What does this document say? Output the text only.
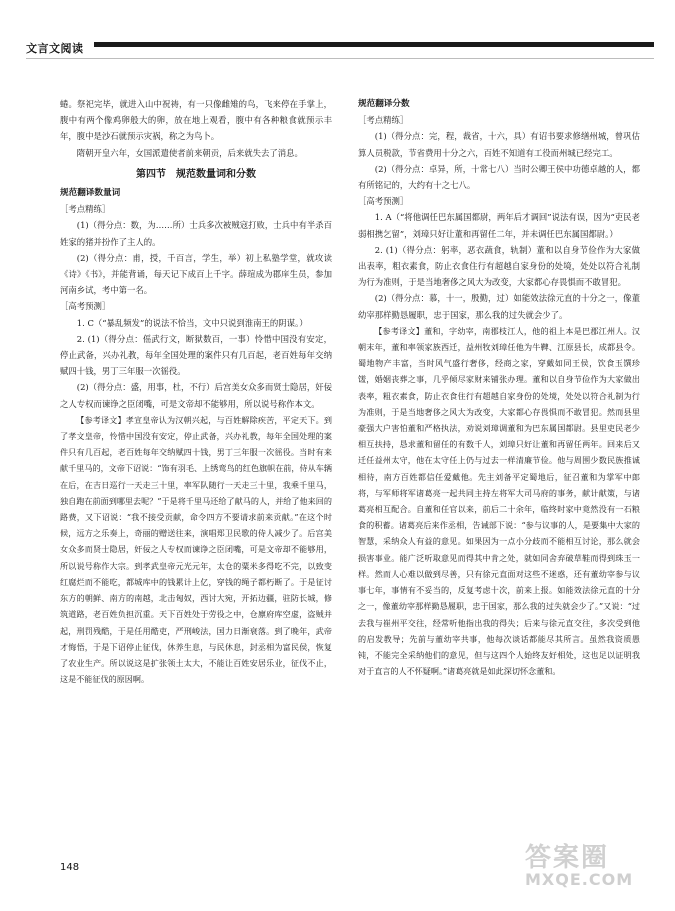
文言文阅读

蜷。祭祀完毕，就进入山中祝祷，有一只像雌雉的鸟，飞来停在手掌上，腹中有两个像鸡卵般大的卵，放在地上观看，腹中有各种粮食就预示丰年，腹中是沙石就预示灾祸，称之为鸟卜。

隋朝开皇六年，女国派遣使者前来朝贡，后来就失去了消息。

第四节　规范数量词和分数
规范翻译数量词

［考点精练］

(1)（得分点：数，为……所）士兵多次被贼寇打败，士兵中有半杀百姓家的猪并扮作了主人的。

(2)（得分点：甫，授，千百言，学生，举）初上私塾学堂，就攻读《诗》《书》，并能背诵，每天记下成百上千字。薛瑄成为郡庠生员，参加河南乡试，考中第一名。

［高考预测］

1. C（“暴乱频发”的说法不恰当，文中只说到淮南王的阴谋。）

2. (1)（得分点：傜武行文，断狱数百，一事）怜惜中国没有安定，停止武备，兴办礼教，每年全国处理的案件只有几百起，老百姓每年交纳赋四十钱，男丁三年服一次徭役。

(2)（得分点：盛，用事，杜，不行）后宫美女众多而贤士隐居，奸佞之人专权而谏诤之臣闭嘴，可是文帝却不能够用，所以说号称作本文。

【参考译文】孝宣皇帝认为汉朝兴起，与百姓解除疾苦，平定天下。到了孝文皇帝，怜惜中国没有安定，停止武备，兴办礼教，每年全国处理的案件只有几百起，老百姓每年交纳赋四十钱，男丁三年服一次徭役。当时有来献千里马的，文帝下诏说：“饰有羽毛、上绣鸾鸟的红色旗帜在前，侍从车辆在后，在吉日巡行一天走三十里，率军队随行一天走三十里，我乘千里马，独自跑在前面到哪里去呢？”于是将千里马还给了献马的人，并给了他来回的路费，又下诏说：“我不接受贡献，命令四方不要请求前来贡献。”在这个时候，远方之乐奏上，奇丽的赠送往来，演唱郑卫民歌的侍人减少了。后宫美女众多而贤士隐居，奸佞之人专权而谏诤之臣闭嘴，可是文帝却不能够用，所以说号称作大宗。到孝武皇帝元光元年，太仓的粟米多得吃不完，以致变红腐烂而不能吃，都城库中的钱累计上亿，穿钱的绳子都朽断了。于是征讨东方的朝鲜、南方的南越，北击匈奴，西讨大宛，开拓边疆，驻防长城，修筑道路，老百姓负担沉重。天下百姓处于劳役之中，仓廪府库空虚，盗贼并起，刑罚残酷，于是任用酷吏，严刑峻法，国力日渐衰落。到了晚年，武帝才悔悟，于是下诏停止征伐，休养生息，与民休息，封丞相为富民侯，恢复了农业生产。所以说这是扩张领土太大，不能让百姓安居乐业，征伐不止，这是不能征伐的原因啊。

规范翻译分数

［考点精练］

(1)（得分点：完，程，裁省，十六，具）有诏书要求修缮州城，曾巩估算人员税款，节省费用十分之六，百姓不知道有工役而州城已经完工。

(2)（得分点：卓异，所，十常七八）当时公卿王侯中功德卓越的人，都有所铭记的，大约有十之七八。

［高考预测］

1. A（“将他调任巴东属国都尉，两年后才调回”说法有误，因为“吏民老弱相携乞留”，刘璋只好让董和再留任二年，并未调任巴东属国都尉。）

2. (1)（得分点：躬率，恶衣蔬食，轨制）董和以自身节俭作为大家做出表率，粗衣素食，防止衣食住行有超越自家身份的处境，处处以符合礼制为行为准则，于是当地奢侈之风大为改变，大家都心存畏惧而不敢冒犯。

(2)（得分点：慕，十一，殷勤，过）如能效法徐元直的十分之一，像董幼宰那样勤恳履职，忠于国家，那么我的过失就会少了。

【参考译文】董和，字幼宰，南郡枝江人，他的祖上本是巴郡江州人。汉朝末年，董和率领家族西迁，益州牧刘璋任他为牛鞞、江原县长，成都县令。蜀地物产丰富，当时风气盛行奢侈，经商之家，穿戴如同王侯，饮食玉馔珍馐，婚姻丧葬之事，几乎倾尽家财来铺张办理。董和以自身节俭作为大家做出表率，粗衣素食，防止衣食住行有超越自家身份的处境，处处以符合礼制为行为准则，于是当地奢侈之风大为改变，大家都心存畏惧而不敢冒犯。然而县里豪强大户害怕董和严格执法，劝说刘璋调董和为巴东属国都尉。县里吏民老少相互扶持，恳求董和留任的有数千人，刘璋只好让董和再留任两年。回来后又迁任益州太守，他在太守任上仍与过去一样清廉节俭。他与周围少数民族推诚相待，南方百姓都信任爱戴他。先主刘备平定蜀地后，征召董和为掌军中郎将，与军师将军诸葛亮一起共同主持左将军大司马府的事务，献计献策，与诸葛亮相互配合。自董和任官以来，前后二十余年，临终时家中竟然没有一石粮食的积蓄。诸葛亮后来作丞相，告诫部下说：“参与议事的人，是要集中大家的智慧，采纳众人有益的意见。如果因为一点小分歧而不能相互讨论，那么就会损害事业。能广泛听取意见而得其中肯之处，就如同舍弃破草鞋而得到珠玉一样。然而人心难以做到尽善，只有徐元直面对这些不迷惑，还有董幼宰参与议事七年，事情有不妥当的，反复考虑十次，前来上报。如能效法徐元直的十分之一，像董幼宰那样勤恳履职，忠于国家，那么我的过失就会少了。”又说：“过去我与崔州平交往，经常听他指出我的得失；后来与徐元直交往，多次受到他的启发教导；先前与董幼宰共事，他每次谈话都能尽其所言。虽然我资质愚钝，不能完全采纳他们的意见，但与这四个人始终友好相处，这也足以证明我对于直言的人不怀疑啊。”诸葛亮就是如此深切怀念董和。

148	答案圈
MXQE.COM
